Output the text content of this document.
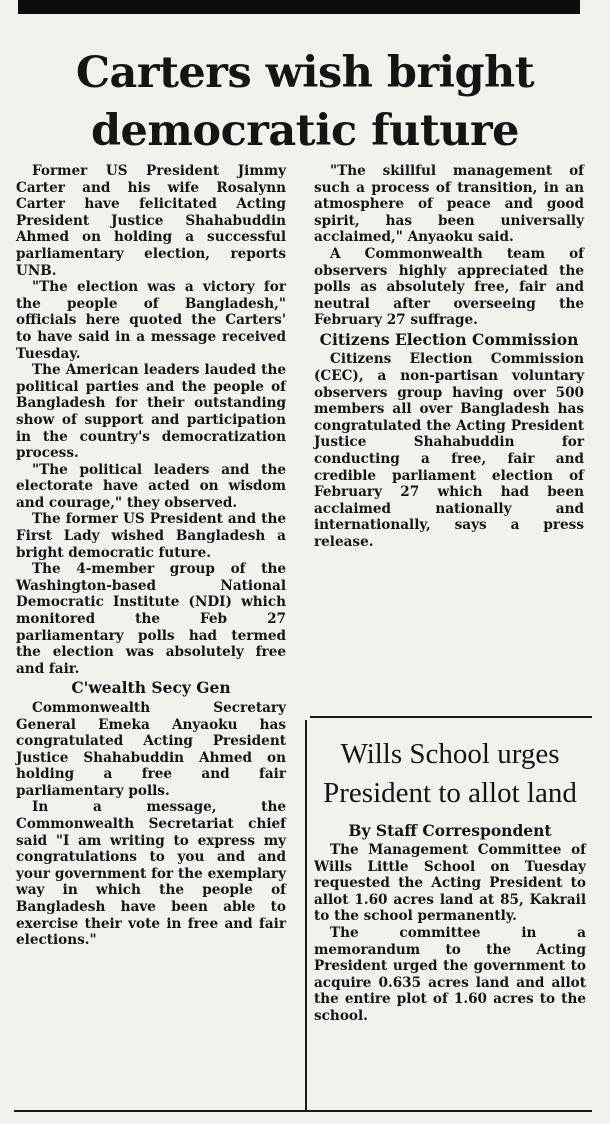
Carters wish bright democratic future

Former US President Jimmy Carter and his wife Rosalynn Carter have felicitated Acting President Justice Shahabuddin Ahmed on holding a successful parliamentary election, reports UNB.

"The election was a victory for the people of Bangladesh," officials here quoted the Carters' to have said in a message received Tuesday.

The American leaders lauded the political parties and the people of Bangladesh for their outstanding show of support and participation in the country's democratization process.

"The political leaders and the electorate have acted on wisdom and courage," they observed.

The former US President and the First Lady wished Bangladesh a bright democratic future.

The 4-member group of the Washington-based National Democratic Institute (NDI) which monitored the Feb 27 parliamentary polls had termed the election was absolutely free and fair.

C'wealth Secy Gen

Commonwealth Secretary General Emeka Anyaoku has congratulated Acting President Justice Shahabuddin Ahmed on holding a free and fair parliamentary polls.

In a message, the Commonwealth Secretariat chief said "I am writing to express my congratulations to you and and your government for the exemplary way in which the people of Bangladesh have been able to exercise their vote in free and fair elections."

"The skillful management of such a process of transition, in an atmosphere of peace and good spirit, has been universally acclaimed," Anyaoku said.

A Commonwealth team of observers highly appreciated the polls as absolutely free, fair and neutral after overseeing the February 27 suffrage.

Citizens Election Commission

Citizens Election Commission (CEC), a non-partisan voluntary observers group having over 500 members all over Bangladesh has congratulated the Acting President Justice Shahabuddin for conducting a free, fair and credible parliament election of February 27 which had been acclaimed nationally and internationally, says a press release.

Wills School urges President to allot land
By Staff Correspondent

The Management Committee of Wills Little School on Tuesday requested the Acting President to allot 1.60 acres land at 85, Kakrail to the school permanently.

The committee in a memorandum to the Acting President urged the government to acquire 0.635 acres land and allot the entire plot of 1.60 acres to the school.
